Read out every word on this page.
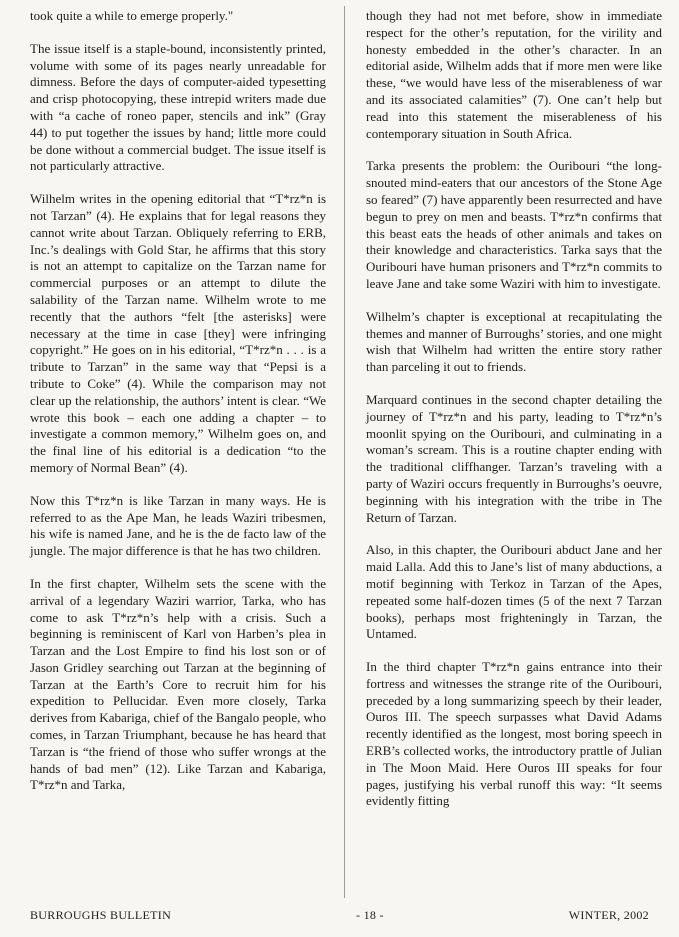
took quite a while to emerge properly."

The issue itself is a staple-bound, inconsistently printed, volume with some of its pages nearly unreadable for dimness. Before the days of computer-aided typesetting and crisp photocopying, these intrepid writers made due with “a cache of roneo paper, stencils and ink” (Gray 44) to put together the issues by hand; little more could be done without a commercial budget. The issue itself is not particularly attractive.

Wilhelm writes in the opening editorial that “T*rz*n is not Tarzan” (4). He explains that for legal reasons they cannot write about Tarzan. Obliquely referring to ERB, Inc.’s dealings with Gold Star, he affirms that this story is not an attempt to capitalize on the Tarzan name for commercial purposes or an attempt to dilute the salability of the Tarzan name. Wilhelm wrote to me recently that the authors “felt [the asterisks] were necessary at the time in case [they] were infringing copyright.” He goes on in his editorial, “T*rz*n . . . is a tribute to Tarzan” in the same way that “Pepsi is a tribute to Coke” (4). While the comparison may not clear up the relationship, the authors’ intent is clear. “We wrote this book – each one adding a chapter – to investigate a common memory,” Wilhelm goes on, and the final line of his editorial is a dedication “to the memory of Normal Bean” (4).

Now this T*rz*n is like Tarzan in many ways. He is referred to as the Ape Man, he leads Waziri tribesmen, his wife is named Jane, and he is the de facto law of the jungle. The major difference is that he has two children.

In the first chapter, Wilhelm sets the scene with the arrival of a legendary Waziri warrior, Tarka, who has come to ask T*rz*n’s help with a crisis. Such a beginning is reminiscent of Karl von Harben’s plea in Tarzan and the Lost Empire to find his lost son or of Jason Gridley searching out Tarzan at the beginning of Tarzan at the Earth’s Core to recruit him for his expedition to Pellucidar. Even more closely, Tarka derives from Kabariga, chief of the Bangalo people, who comes, in Tarzan Triumphant, because he has heard that Tarzan is “the friend of those who suffer wrongs at the hands of bad men” (12). Like Tarzan and Kabariga, T*rz*n and Tarka,

though they had not met before, show in immediate respect for the other’s reputation, for the virility and honesty embedded in the other’s character. In an editorial aside, Wilhelm adds that if more men were like these, “we would have less of the miserableness of war and its associated calamities” (7). One can’t help but read into this statement the miserableness of his contemporary situation in South Africa.

Tarka presents the problem: the Ouribouri “the long-snouted mind-eaters that our ancestors of the Stone Age so feared” (7) have apparently been resurrected and have begun to prey on men and beasts. T*rz*n confirms that this beast eats the heads of other animals and takes on their knowledge and characteristics. Tarka says that the Ouribouri have human prisoners and T*rz*n commits to leave Jane and take some Waziri with him to investigate.

Wilhelm’s chapter is exceptional at recapitulating the themes and manner of Burroughs’ stories, and one might wish that Wilhelm had written the entire story rather than parceling it out to friends.

Marquard continues in the second chapter detailing the journey of T*rz*n and his party, leading to T*rz*n’s moonlit spying on the Ouribouri, and culminating in a woman’s scream. This is a routine chapter ending with the traditional cliffhanger. Tarzan’s traveling with a party of Waziri occurs frequently in Burroughs’s oeuvre, beginning with his integration with the tribe in The Return of Tarzan.

Also, in this chapter, the Ouribouri abduct Jane and her maid Lalla. Add this to Jane’s list of many abductions, a motif beginning with Terkoz in Tarzan of the Apes, repeated some half-dozen times (5 of the next 7 Tarzan books), perhaps most frighteningly in Tarzan, the Untamed.

In the third chapter T*rz*n gains entrance into their fortress and witnesses the strange rite of the Ouribouri, preceded by a long summarizing speech by their leader, Ouros III. The speech surpasses what David Adams recently identified as the longest, most boring speech in ERB’s collected works, the introductory prattle of Julian in The Moon Maid. Here Ouros III speaks for four pages, justifying his verbal runoff this way: “It seems evidently fitting

BURROUGHS BULLETIN	- 18 -	WINTER, 2002
